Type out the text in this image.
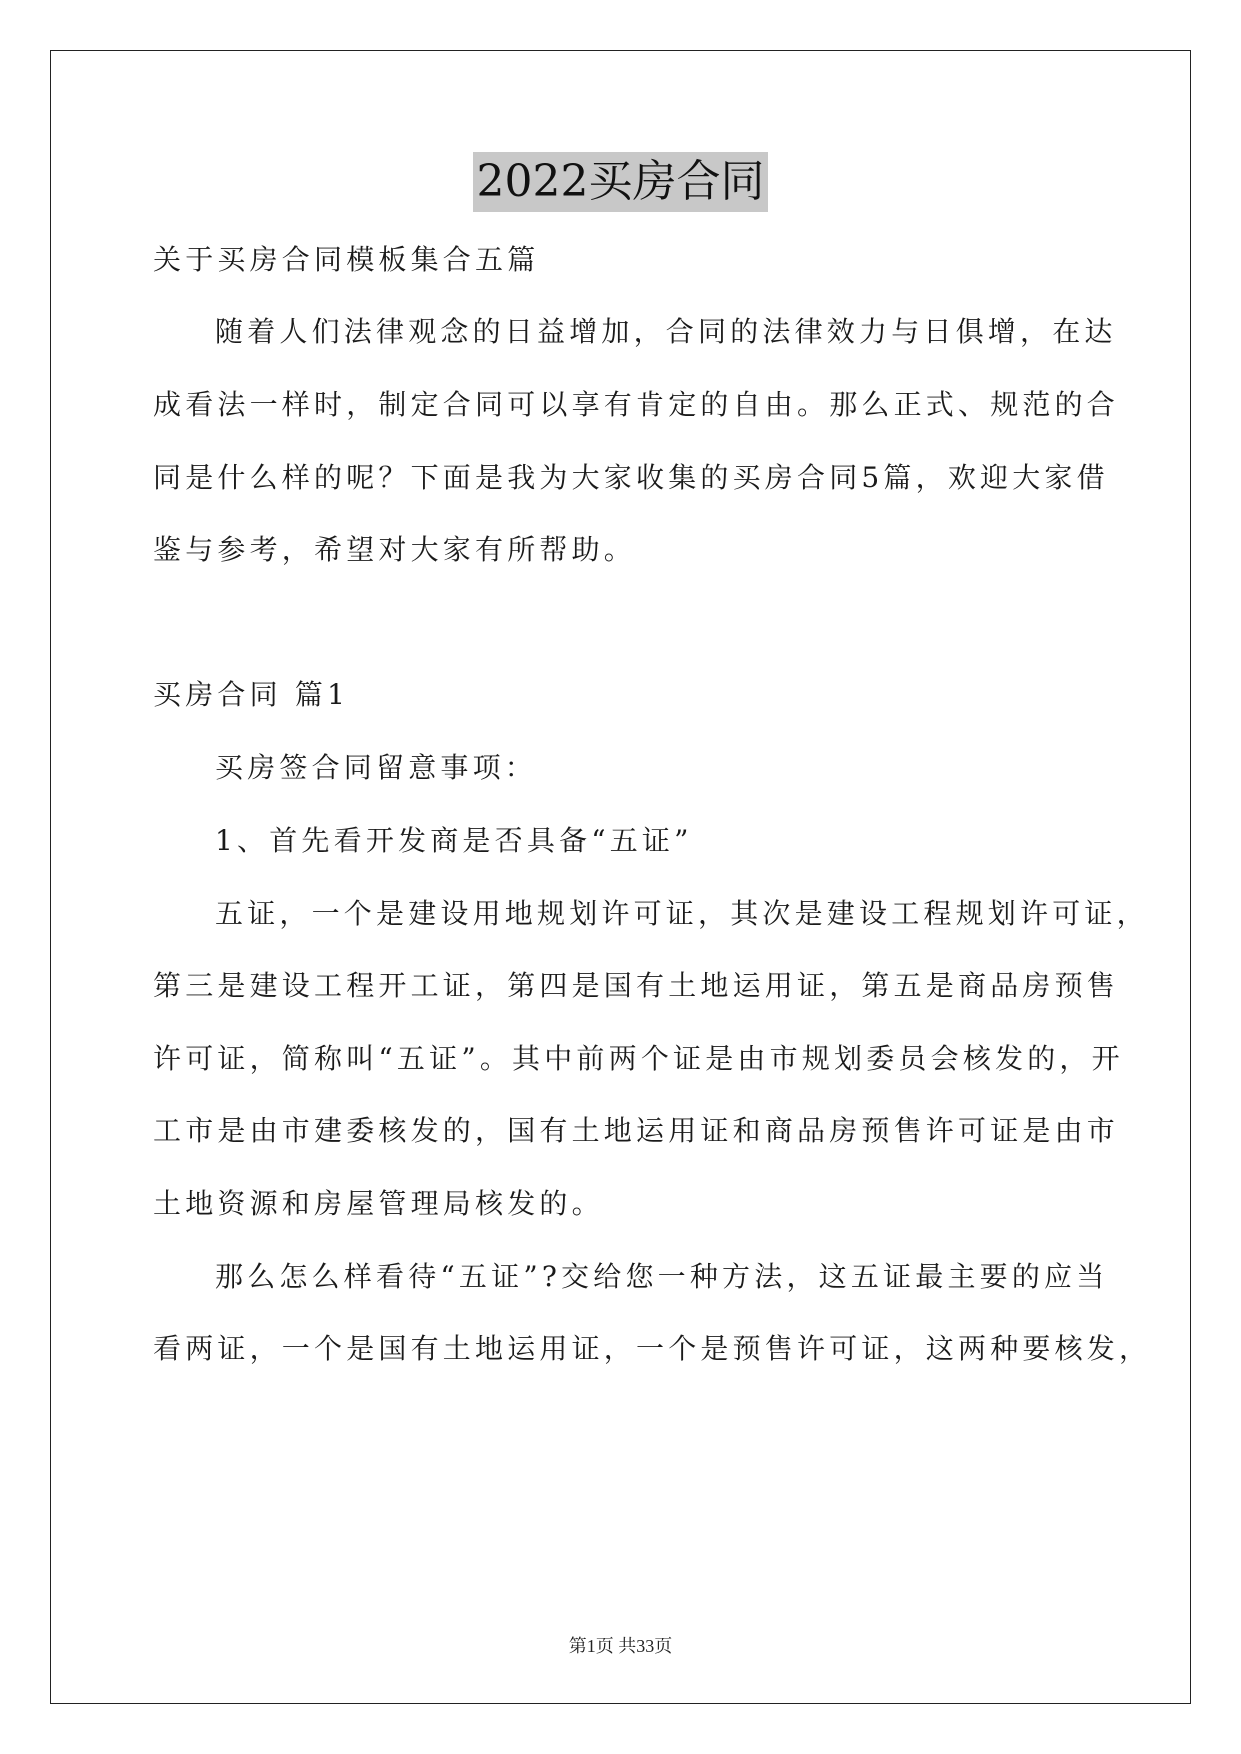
2022买房合同
关于买房合同模板集合五篇
随着人们法律观念的日益增加，合同的法律效力与日俱增，在达
成看法一样时，制定合同可以享有肯定的自由。那么正式、规范的合
同是什么样的呢？下面是我为大家收集的买房合同5篇，欢迎大家借
鉴与参考，希望对大家有所帮助。
买房合同 篇1
买房签合同留意事项：
1、首先看开发商是否具备“五证”
五证，一个是建设用地规划许可证，其次是建设工程规划许可证，
第三是建设工程开工证，第四是国有土地运用证，第五是商品房预售
许可证，简称叫“五证”。其中前两个证是由市规划委员会核发的，开
工市是由市建委核发的，国有土地运用证和商品房预售许可证是由市
土地资源和房屋管理局核发的。
那么怎么样看待“五证”?交给您一种方法，这五证最主要的应当
看两证，一个是国有土地运用证，一个是预售许可证，这两种要核发，
第1页 共33页
